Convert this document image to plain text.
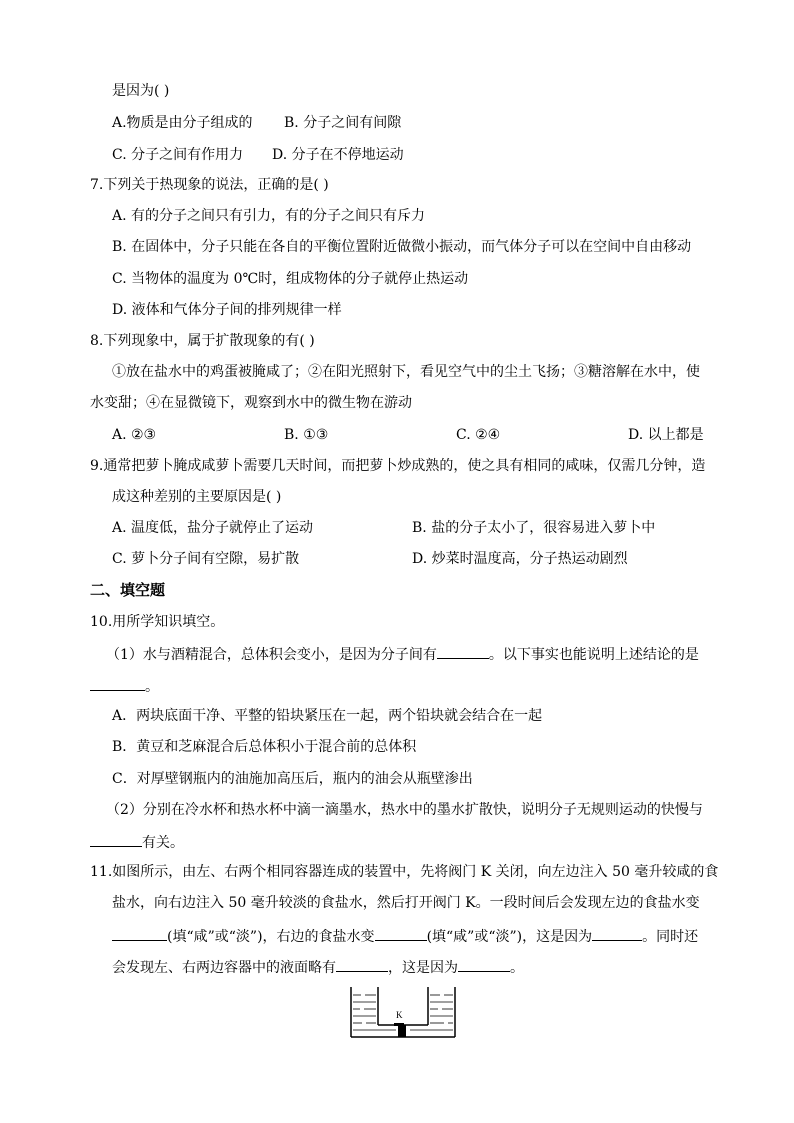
是因为( )
A.物质是由分子组成的 B. 分子之间有间隙
C. 分子之间有作用力 D. 分子在不停地运动
7.下列关于热现象的说法，正确的是( )
A. 有的分子之间只有引力，有的分子之间只有斥力
B. 在固体中，分子只能在各自的平衡位置附近做微小振动，而气体分子可以在空间中自由移动
C. 当物体的温度为 0℃时，组成物体的分子就停止热运动
D. 液体和气体分子间的排列规律一样
8.下列现象中，属于扩散现象的有( )
①放在盐水中的鸡蛋被腌咸了；②在阳光照射下，看见空气中的尘土飞扬；③糖溶解在水中，使
水变甜；④在显微镜下，观察到水中的微生物在游动
A. ②③	B. ①③	C. ②④	D. 以上都是
9.通常把萝卜腌成咸萝卜需要几天时间，而把萝卜炒成熟的，使之具有相同的咸味，仅需几分钟，造
成这种差别的主要原因是( )
A. 温度低，盐分子就停止了运动	B. 盐的分子太小了，很容易进入萝卜中
C. 萝卜分子间有空隙，易扩散	D. 炒菜时温度高，分子热运动剧烈
二、填空题
10.用所学知识填空。
（1）水与酒精混合，总体积会变小，是因为分子间有	。以下事实也能说明上述结论的是
。
A．两块底面干净、平整的铅块紧压在一起，两个铅块就会结合在一起
B．黄豆和芝麻混合后总体积小于混合前的总体积
C．对厚壁钢瓶内的油施加高压后，瓶内的油会从瓶壁渗出
（2）分别在冷水杯和热水杯中滴一滴墨水，热水中的墨水扩散快，说明分子无规则运动的快慢与
有关。
11.如图所示，由左、右两个相同容器连成的装置中，先将阀门 K 关闭，向左边注入 50 毫升较咸的食
盐水，向右边注入 50 毫升较淡的食盐水，然后打开阀门 K。一段时间后会发现左边的食盐水变
(填“咸”或“淡”)，右边的食盐水变	(填“咸”或“淡”)，这是因为	。同时还
会发现左、右两边容器中的液面略有	，这是因为	。
K
